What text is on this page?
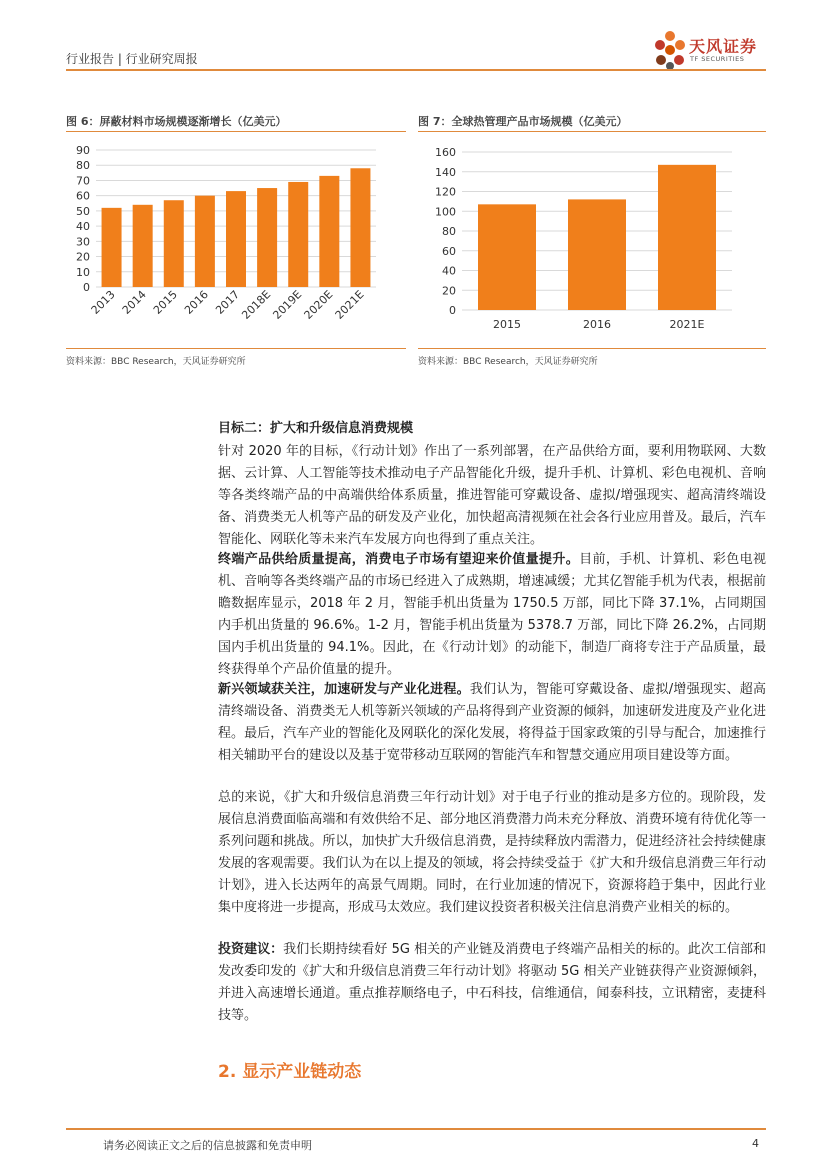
行业报告 | 行业研究周报
天风证券
TF SECURITIES
图 6：屏蔽材料市场规模逐渐增长（亿美元）
0
10
20
30
40
50
60
70
80
90
2013 2014 2015 2016 2017
2018E
2019E
2020E
2021E
资料来源：BBC Research，天风证券研究所
图 7：全球热管理产品市场规模（亿美元）
0
20
40
60
80
100
120
140
160
2015	2016	2021E
资料来源：BBC Research，天风证券研究所
目标二：扩大和升级信息消费规模
针对 2020 年的目标，《行动计划》作出了一系列部署，在产品供给方面，要利用物联网、大数据、云计算、人工智能等技术推动电子产品智能化升级，提升手机、计算机、彩色电视机、音响等各类终端产品的中高端供给体系质量，推进智能可穿戴设备、虚拟/增强现实、超高清终端设备、消费类无人机等产品的研发及产业化，加快超高清视频在社会各行业应用普及。最后，汽车智能化、网联化等未来汽车发展方向也得到了重点关注。
终端产品供给质量提高，消费电子市场有望迎来价值量提升。目前，手机、计算机、彩色电视机、音响等各类终端产品的市场已经进入了成熟期，增速减缓；尤其亿智能手机为代表，根据前瞻数据库显示，2018 年 2 月，智能手机出货量为 1750.5 万部，同比下降 37.1%，占同期国内手机出货量的 96.6%。1-2 月，智能手机出货量为 5378.7 万部，同比下降 26.2%，占同期国内手机出货量的 94.1%。因此，在《行动计划》的动能下，制造厂商将专注于产品质量，最终获得单个产品价值量的提升。
新兴领域获关注，加速研发与产业化进程。我们认为，智能可穿戴设备、虚拟/增强现实、超高清终端设备、消费类无人机等新兴领域的产品将得到产业资源的倾斜，加速研发进度及产业化进程。最后，汽车产业的智能化及网联化的深化发展，将得益于国家政策的引导与配合，加速推行相关辅助平台的建设以及基于宽带移动互联网的智能汽车和智慧交通应用项目建设等方面。
总的来说，《扩大和升级信息消费三年行动计划》对于电子行业的推动是多方位的。现阶段，发展信息消费面临高端和有效供给不足、部分地区消费潜力尚未充分释放、消费环境有待优化等一系列问题和挑战。所以，加快扩大升级信息消费，是持续释放内需潜力，促进经济社会持续健康发展的客观需要。我们认为在以上提及的领域，将会持续受益于《扩大和升级信息消费三年行动计划》，进入长达两年的高景气周期。同时，在行业加速的情况下，资源将趋于集中，因此行业集中度将进一步提高，形成马太效应。我们建议投资者积极关注信息消费产业相关的标的。
投资建议：我们长期持续看好 5G 相关的产业链及消费电子终端产品相关的标的。此次工信部和发改委印发的《扩大和升级信息消费三年行动计划》将驱动 5G 相关产业链获得产业资源倾斜，并进入高速增长通道。重点推荐顺络电子，中石科技，信维通信，闻泰科技，立讯精密，麦捷科技等。
2. 显示产业链动态
请务必阅读正文之后的信息披露和免责申明	4
